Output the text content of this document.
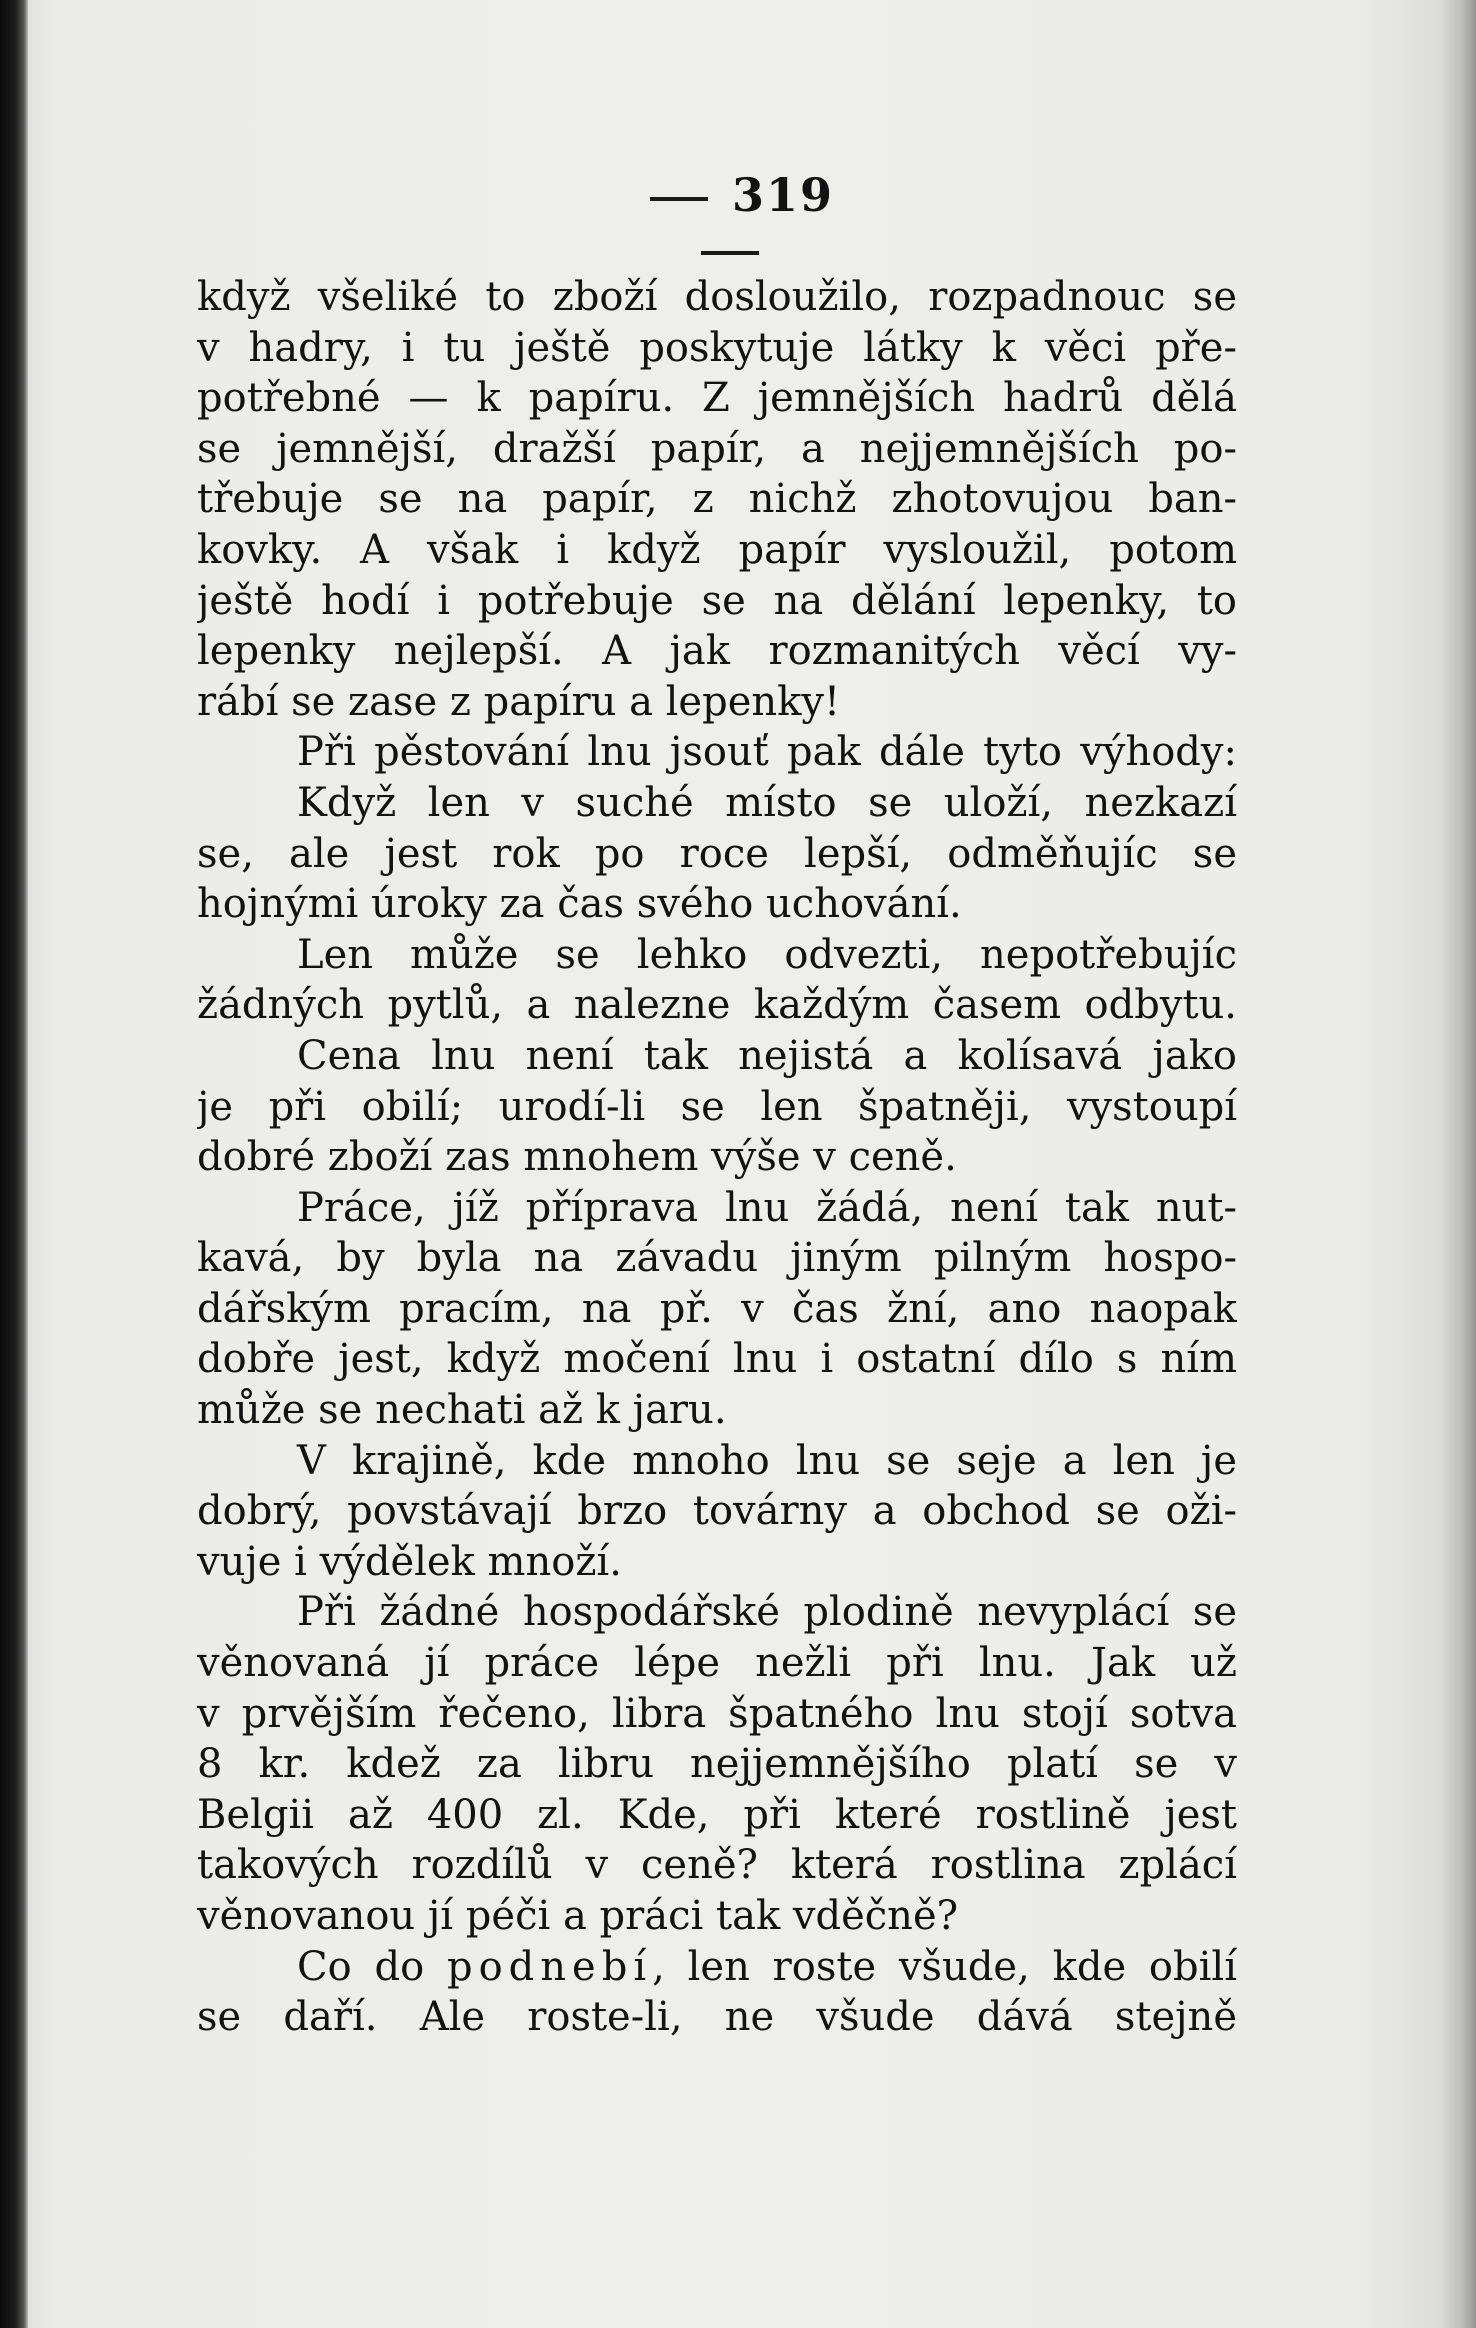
319
když všeliké to zboží dosloužilo, rozpadnouc se
v hadry, i tu ještě poskytuje látky k věci pře-
potřebné — k papíru. Z jemnějších hadrů dělá
se jemnější, dražší papír, a nejjemnějších po-
třebuje se na papír, z nichž zhotovujou ban-
kovky. A však i když papír vysloužil, potom
ještě hodí i potřebuje se na dělání lepenky, to
lepenky nejlepší. A jak rozmanitých věcí vy-
rábí se zase z papíru a lepenky!
Při pěstování lnu jsouť pak dále tyto výhody:
Když len v suché místo se uloží, nezkazí
se, ale jest rok po roce lepší, odměňujíc se
hojnými úroky za čas svého uchování.
Len může se lehko odvezti, nepotřebujíc
žádných pytlů, a nalezne každým časem odbytu.
Cena lnu není tak nejistá a kolísavá jako
je při obilí; urodí-li se len špatněji, vystoupí
dobré zboží zas mnohem výše v ceně.
Práce, jíž příprava lnu žádá, není tak nut-
kavá, by byla na závadu jiným pilným hospo-
dářským pracím, na př. v čas žní, ano naopak
dobře jest, když močení lnu i ostatní dílo s ním
může se nechati až k jaru.
V krajině, kde mnoho lnu se seje a len je
dobrý, povstávají brzo továrny a obchod se oži-
vuje i výdělek množí.
Při žádné hospodářské plodině nevyplácí se
věnovaná jí práce lépe nežli při lnu. Jak už
v prvějším řečeno, libra špatného lnu stojí sotva
8 kr. kdež za libru nejjemnějšího platí se v
Belgii až 400 zl. Kde, při které rostlině jest
takových rozdílů v ceně? která rostlina zplácí
věnovanou jí péči a práci tak vděčně?
Co do podnebí, len roste všude, kde obilí
se daří. Ale roste-li, ne všude dává stejně
